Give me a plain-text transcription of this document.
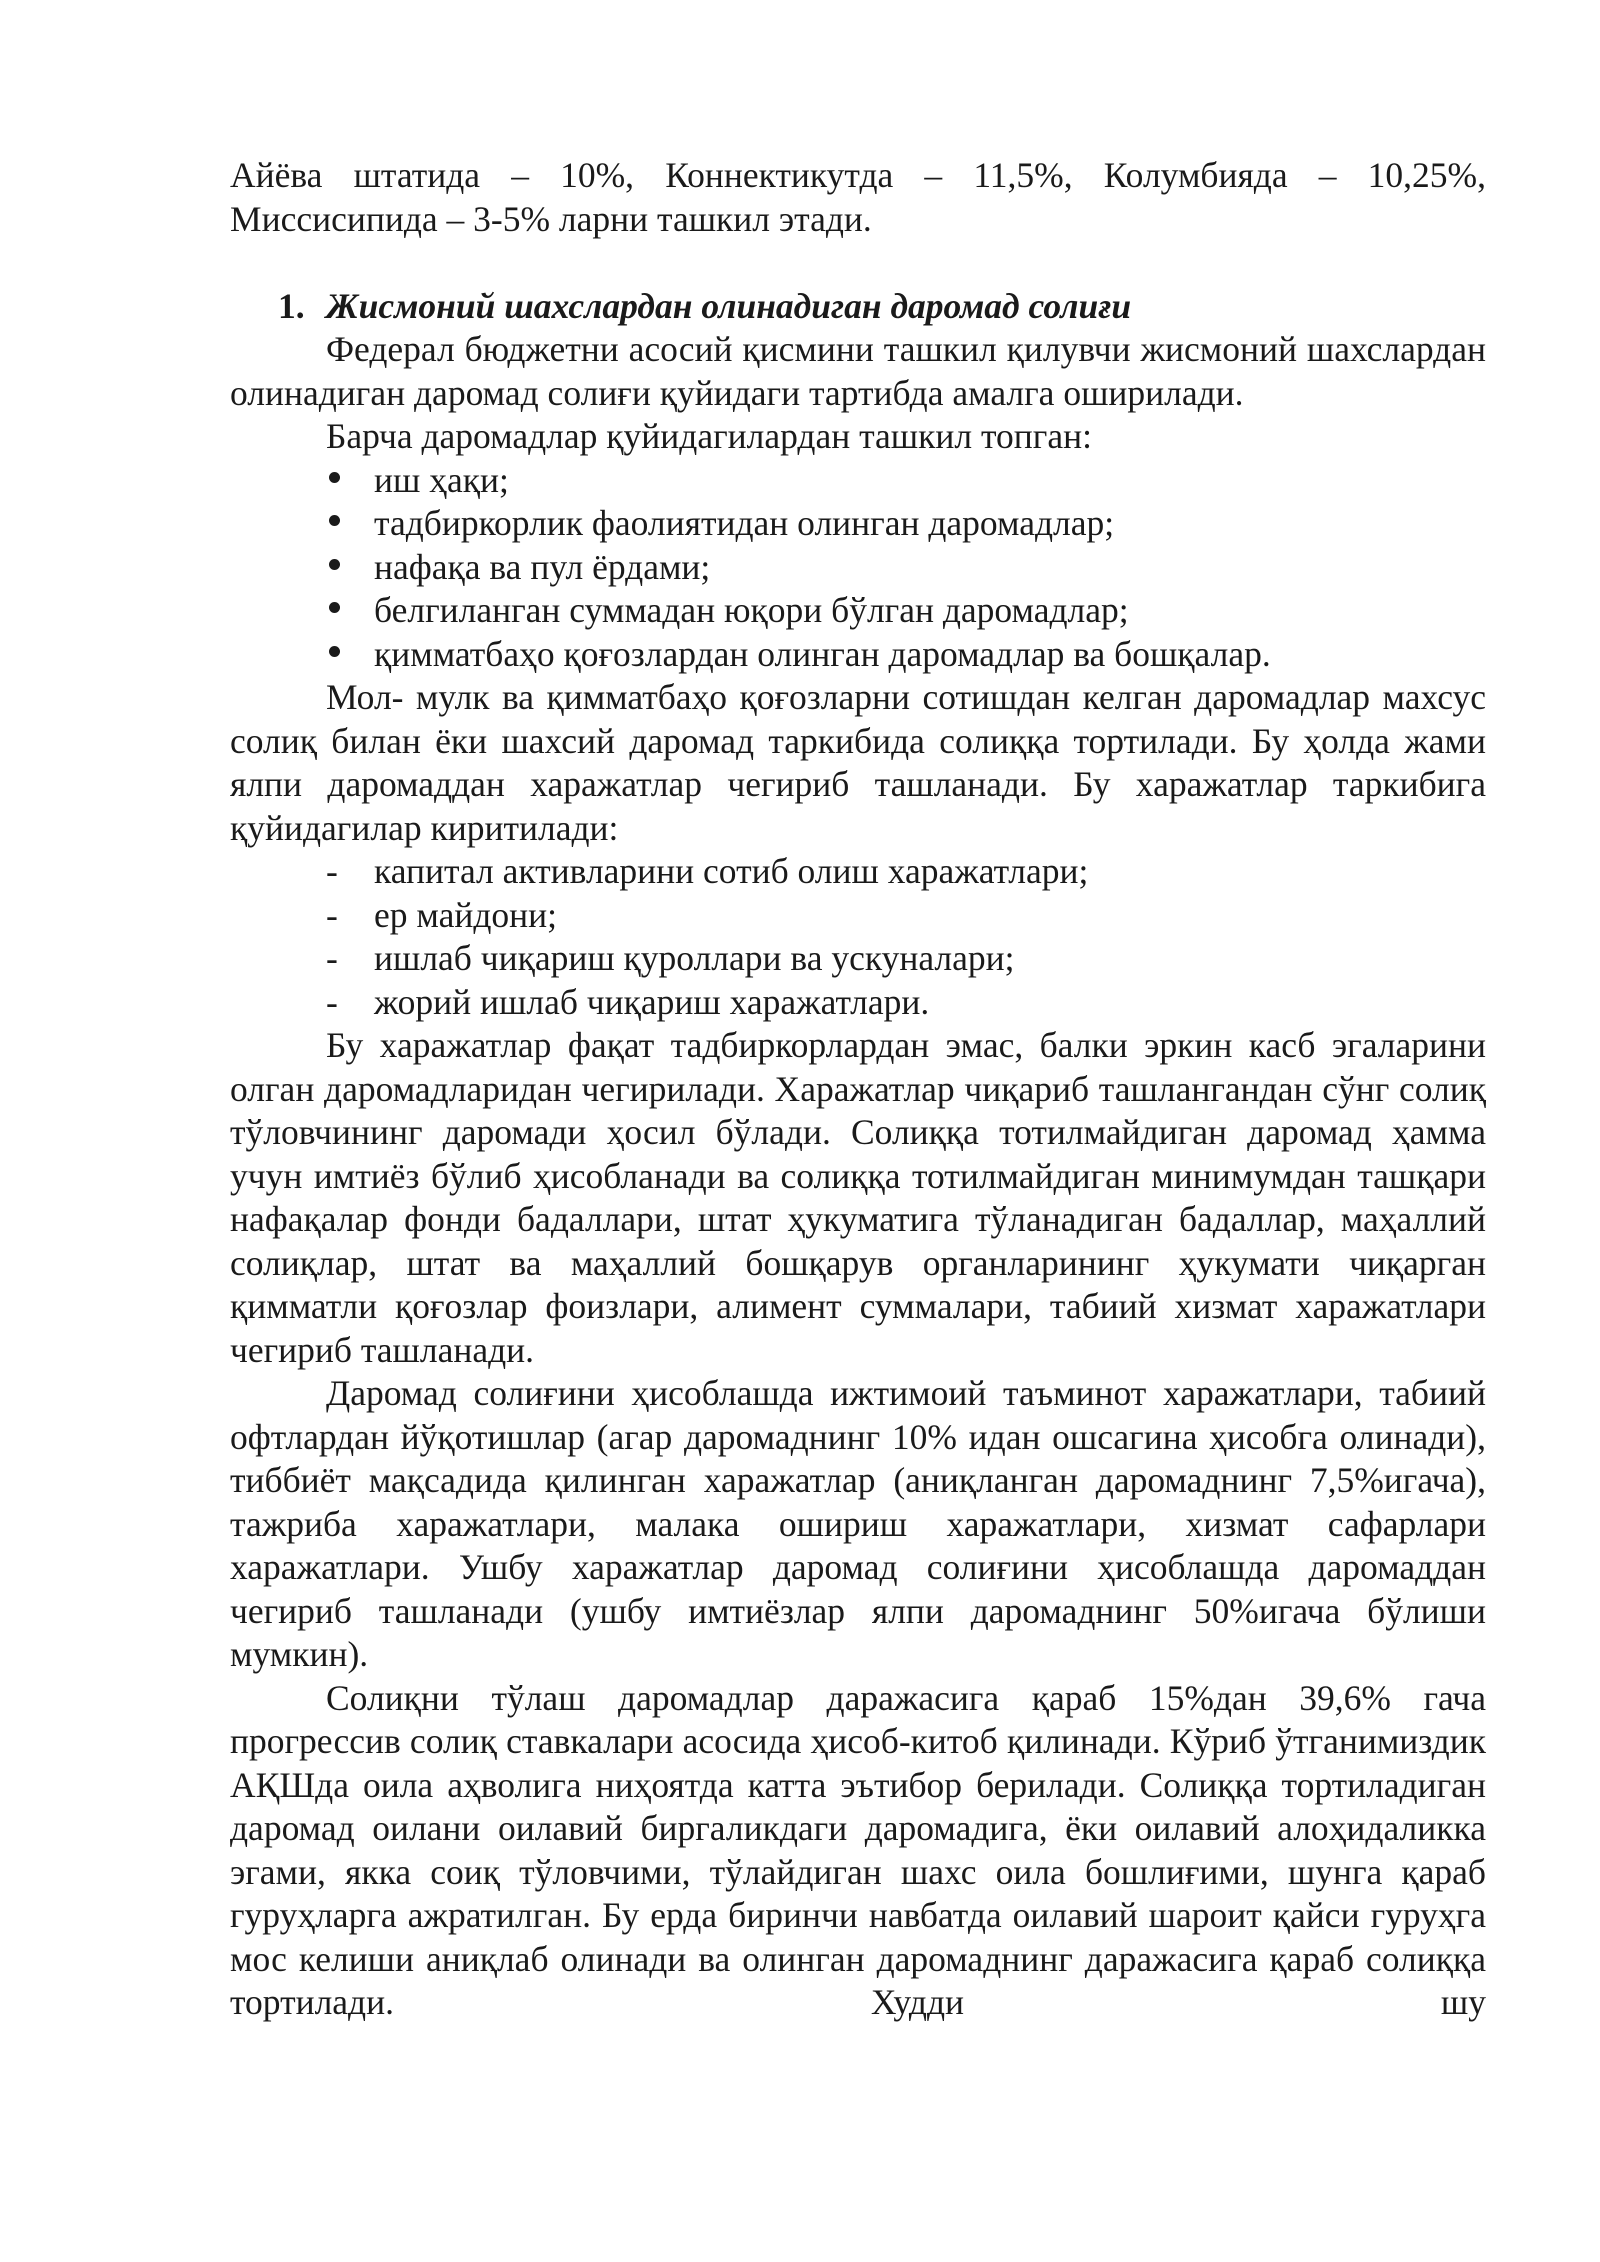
Айёва штатида – 10%, Коннектикутда – 11,5%, Колумбияда – 10,25%, Миссисипида – 3-5% ларни ташкил этади.

1. Жисмоний шахслардан олинадиган даромад солиғи

Федерал бюджетни асосий қисмини ташкил қилувчи жисмоний шахслардан олинадиган даромад солиғи қуйидаги тартибда амалга оширилади.

Барча даромадлар қуйидагилардан ташкил топган:

иш ҳақи;
тадбиркорлик фаолиятидан олинган даромадлар;
нафақа ва пул ёрдами;
белгиланган суммадан юқори бўлган даромадлар;
қимматбаҳо қоғозлардан олинган даромадлар ва бошқалар.

Мол- мулк ва қимматбаҳо қоғозларни сотишдан келган даромадлар махсус солиқ билан ёки шахсий даромад таркибида солиққа тортилади. Бу ҳолда жами ялпи даромаддан харажатлар чегириб ташланади. Бу харажатлар таркибига қуйидагилар киритилади:

-	капитал активларини сотиб олиш харажатлари;
-	ер майдони;
-	ишлаб чиқариш қуроллари ва ускуналари;
-	жорий ишлаб чиқариш харажатлари.

Бу харажатлар фақат тадбиркорлардан эмас, балки эркин касб эгаларини олган даромадларидан чегирилади. Харажатлар чиқариб ташлангандан сўнг солиқ тўловчининг даромади ҳосил бўлади. Солиққа тотилмайдиган даромад ҳамма учун имтиёз бўлиб ҳисобланади ва солиққа тотилмайдиган минимумдан ташқари нафақалар фонди бадаллари, штат ҳукуматига тўланадиган бадаллар, маҳаллий солиқлар, штат ва маҳаллий бошқарув органларининг ҳукумати чиқарган қимматли қоғозлар фоизлари, алимент суммалари, табиий хизмат харажатлари чегириб ташланади.

Даромад солиғини ҳисоблашда ижтимоий таъминот харажатлари, табиий офтлардан йўқотишлар (агар даромаднинг 10% идан ошсагина ҳисобга олинади), тиббиёт мақсадида қилинган харажатлар (аниқланган даромаднинг 7,5%игача), тажриба харажатлари, малака ошириш харажатлари, хизмат сафарлари харажатлари. Ушбу харажатлар даромад солиғини ҳисоблашда даромаддан чегириб ташланади (ушбу имтиёзлар ялпи даромаднинг 50%игача бўлиши мумкин).

Солиқни тўлаш даромадлар даражасига қараб 15%дан 39,6% гача прогрессив солиқ ставкалари асосида ҳисоб-китоб қилинади. Кўриб ўтганимиздик АҚШда оила аҳволига ниҳоятда катта эътибор берилади. Солиққа тортиладиган даромад оилани оилавий биргаликдаги даромадига, ёки оилавий алоҳидаликка эгами, якка соиқ тўловчими, тўлайдиган шахс оила бошлиғими, шунга қараб гуруҳларга ажратилган. Бу ерда биринчи навбатда оилавий шароит қайси гуруҳга мос келиши аниқлаб олинади ва олинган даромаднинг даражасига қараб солиққа тортилади. Худди шу
